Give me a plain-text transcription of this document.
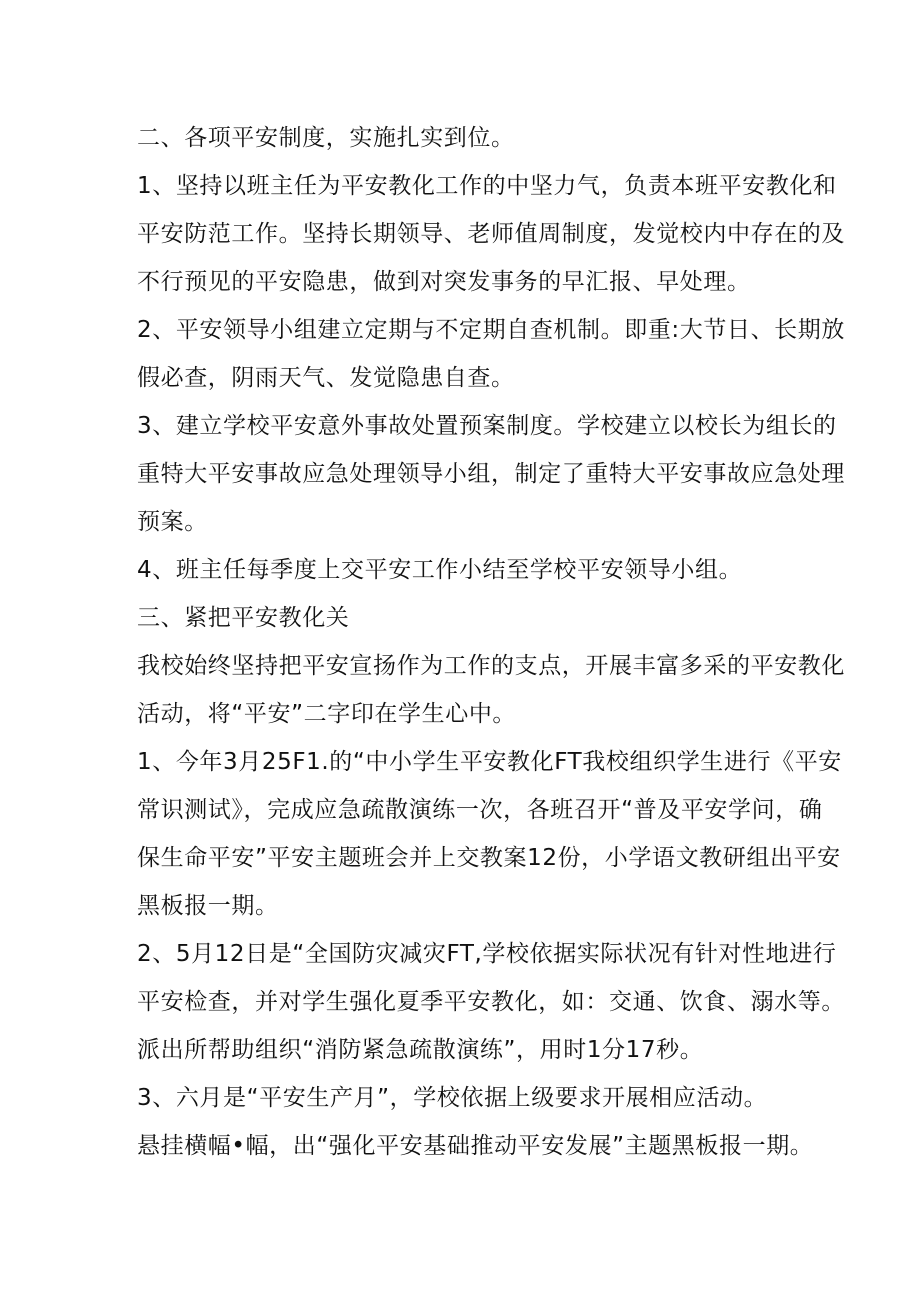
二、各项平安制度，实施扎实到位。
1、坚持以班主任为平安教化工作的中坚力气，负责本班平安教化和
平安防范工作。坚持长期领导、老师值周制度，发觉校内中存在的及
不行预见的平安隐患，做到对突发事务的早汇报、早处理。
2、平安领导小组建立定期与不定期自查机制。即重:大节日、长期放
假必查，阴雨天气、发觉隐患自查。
3、建立学校平安意外事故处置预案制度。学校建立以校长为组长的
重特大平安事故应急处理领导小组，制定了重特大平安事故应急处理
预案。
4、班主任每季度上交平安工作小结至学校平安领导小组。
三、紧把平安教化关
我校始终坚持把平安宣扬作为工作的支点，开展丰富多采的平安教化
活动，将“平安”二字印在学生心中。
1、今年3月25F1.的“中小学生平安教化FT我校组织学生进行《平安
常识测试》，完成应急疏散演练一次，各班召开“普及平安学问，确
保生命平安”平安主题班会并上交教案12份，小学语文教研组出平安
黑板报一期。
2、5月12日是“全国防灾减灾FT,学校依据实际状况有针对性地进行
平安检查，并对学生强化夏季平安教化，如：交通、饮食、溺水等。
派出所帮助组织“消防紧急疏散演练”，用时1分17秒。
3、六月是“平安生产月”，学校依据上级要求开展相应活动。
悬挂横幅•幅，出“强化平安基础推动平安发展”主题黑板报一期。
